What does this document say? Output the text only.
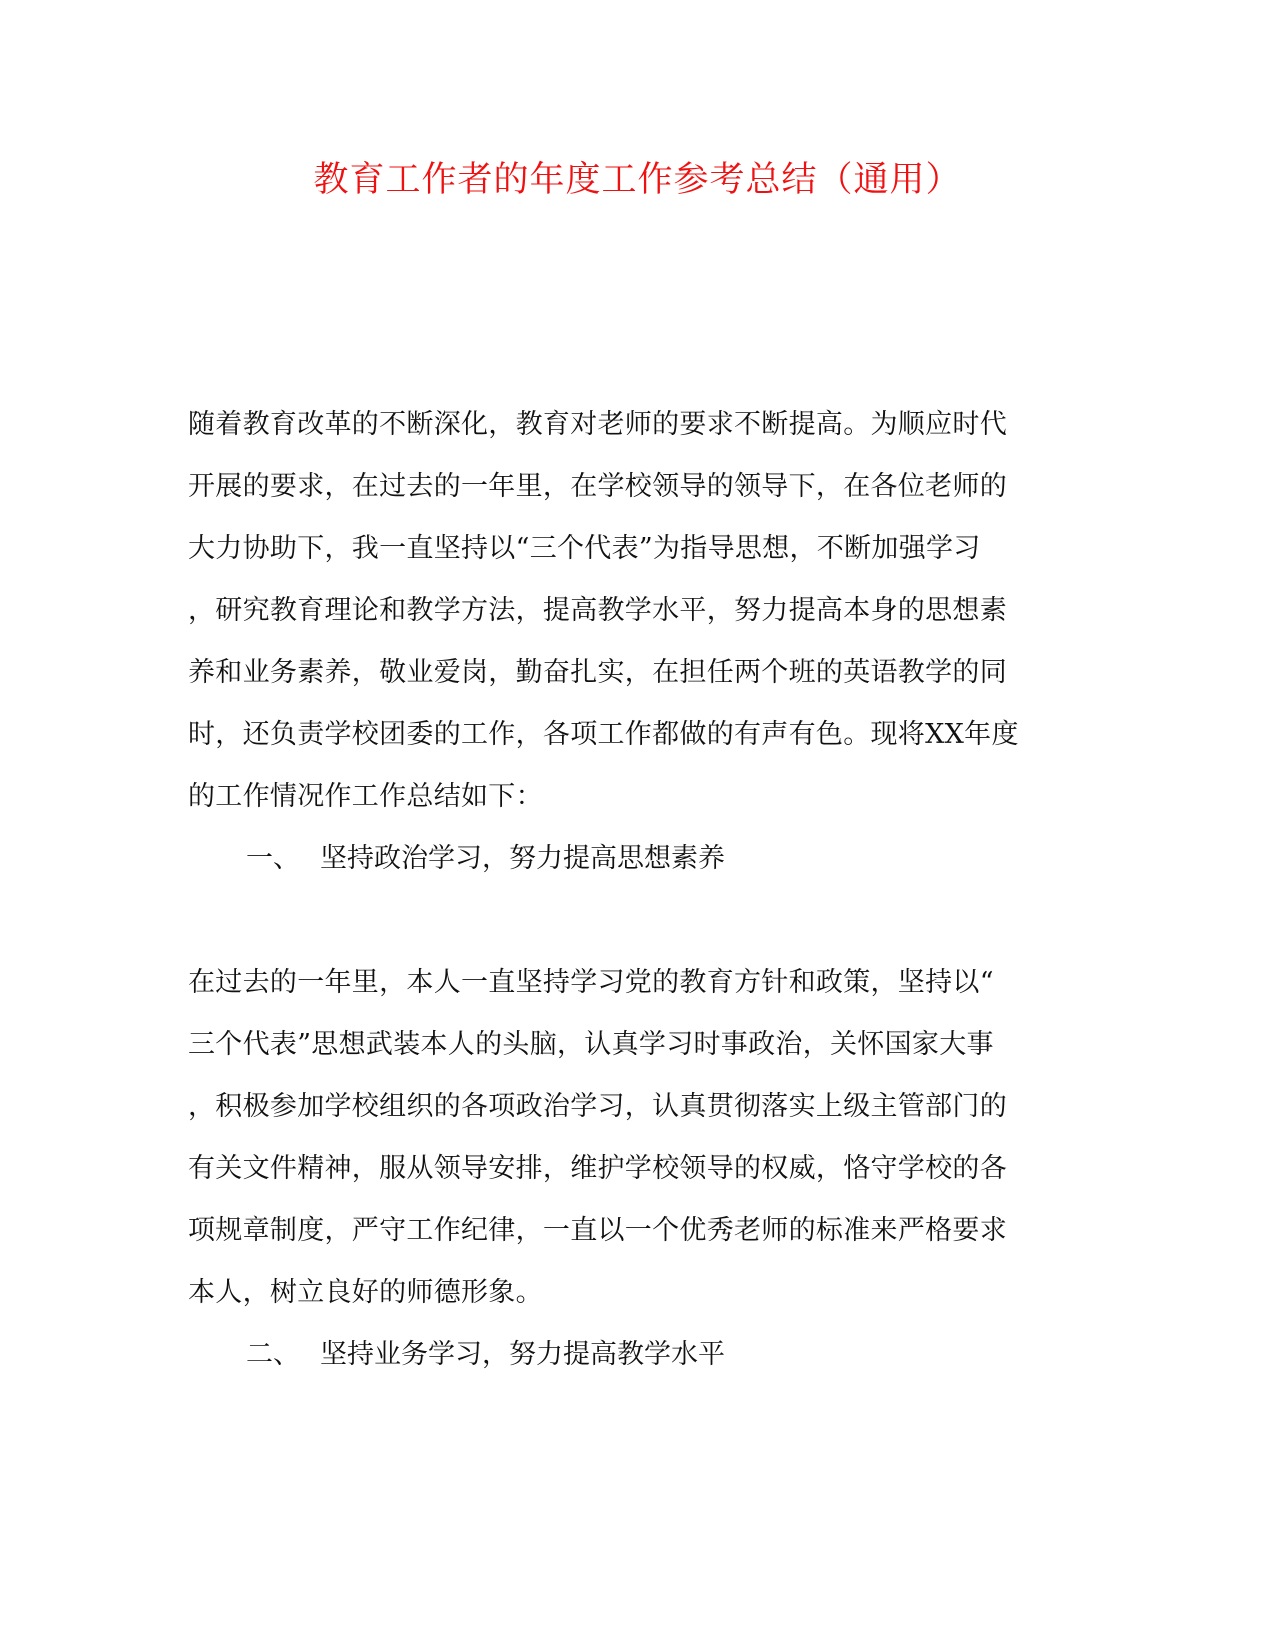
教育工作者的年度工作参考总结（通用）
随着教育改革的不断深化，教育对老师的要求不断提高。为顺应时代
开展的要求，在过去的一年里，在学校领导的领导下，在各位老师的
大力协助下，我一直坚持以“三个代表”为指导思想，不断加强学习
，研究教育理论和教学方法，提高教学水平，努力提高本身的思想素
养和业务素养，敬业爱岗，勤奋扎实，在担任两个班的英语教学的同
时，还负责学校团委的工作，各项工作都做的有声有色。现将XX年度
的工作情况作工作总结如下：
一、 坚持政治学习，努力提高思想素养
在过去的一年里，本人一直坚持学习党的教育方针和政策，坚持以“
三个代表”思想武装本人的头脑，认真学习时事政治，关怀国家大事
，积极参加学校组织的各项政治学习，认真贯彻落实上级主管部门的
有关文件精神，服从领导安排，维护学校领导的权威，恪守学校的各
项规章制度，严守工作纪律，一直以一个优秀老师的标准来严格要求
本人，树立良好的师德形象。
二、 坚持业务学习，努力提高教学水平
